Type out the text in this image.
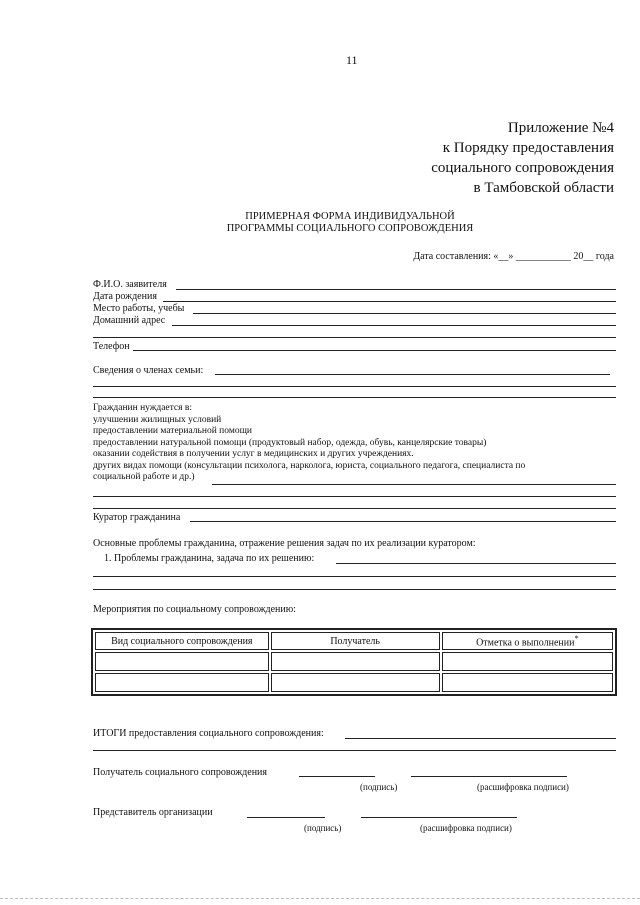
11
Приложение №4
к Порядку предоставления
социального сопровождения
в Тамбовской области
ПРИМЕРНАЯ ФОРМА ИНДИВИДУАЛЬНОЙ
ПРОГРАММЫ СОЦИАЛЬНОГО СОПРОВОЖДЕНИЯ
Дата составления: «__» ___________ 20__ года
Ф.И.О. заявителя
Дата рождения
Место работы, учебы
Домашний адрес
Телефон
Сведения о членах семьи:
Гражданин нуждается в:
улучшении жилищных условий
предоставлении материальной помощи
предоставлении натуральной помощи (продуктовый набор, одежда, обувь, канцелярские товары)
оказании содействия в получении услуг в медицинских и других учреждениях.
других видах помощи (консультации психолога, нарколога, юриста, социального педагога, специалиста по
социальной работе и др.)
Куратор гражданина
Основные проблемы гражданина, отражение решения задач по их реализации куратором:
1. Проблемы гражданина, задача по их решению:
Мероприятия по социальному сопровождению:
Вид социального сопровождения	Получатель	Отметка о выполнении*

ИТОГИ предоставления социального сопровождения:
Получатель социального сопровождения
(подпись)	(расшифровка подписи)
Представитель организации
(подпись)	(расшифровка подписи)
